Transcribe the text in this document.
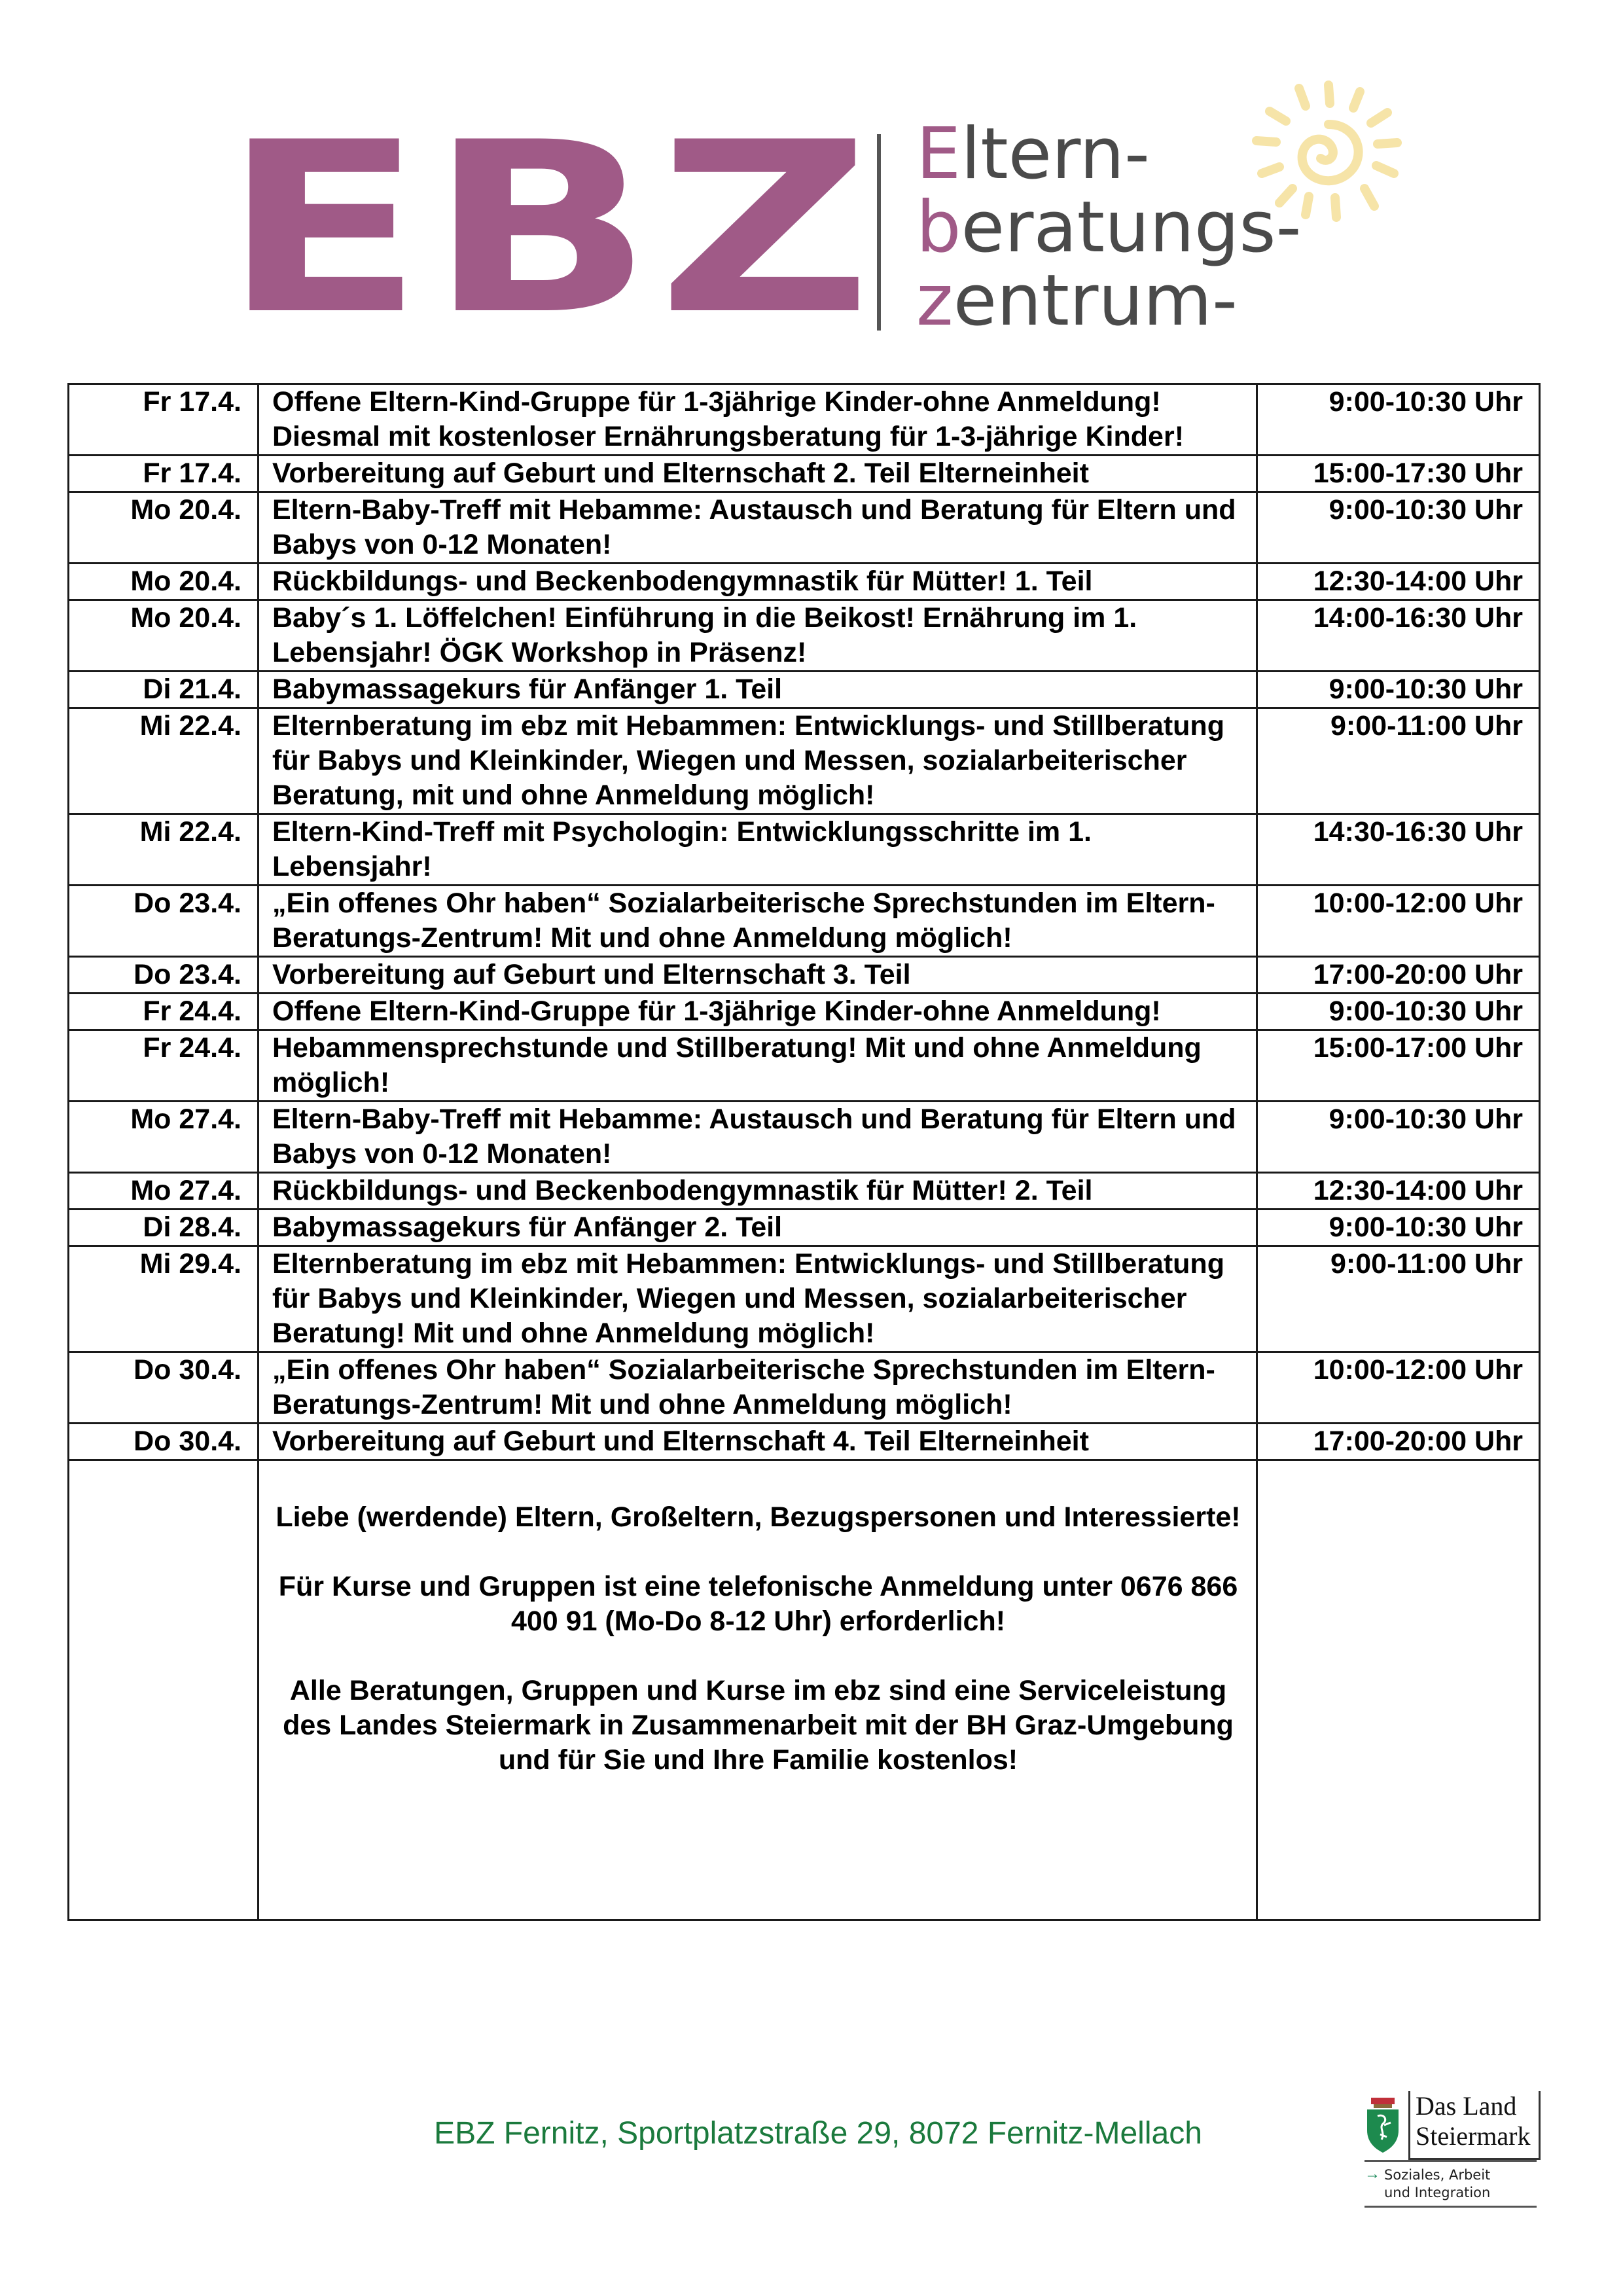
EBZ Eltern-
beratungs-
zentrum-
Fr 17.4.	Offene Eltern-Kind-Gruppe für 1-3jährige Kinder-ohne Anmeldung! Diesmal mit kostenloser Ernährungsberatung für 1-3-jährige Kinder!	9:00-10:30 Uhr
Fr 17.4.	Vorbereitung auf Geburt und Elternschaft 2. Teil Elterneinheit	15:00-17:30 Uhr
Mo 20.4.	Eltern-Baby-Treff mit Hebamme: Austausch und Beratung für Eltern und Babys von 0-12 Monaten!	9:00-10:30 Uhr
Mo 20.4.	Rückbildungs- und Beckenbodengymnastik für Mütter! 1. Teil	12:30-14:00 Uhr
Mo 20.4.	Baby´s 1. Löffelchen! Einführung in die Beikost! Ernährung im 1. Lebensjahr! ÖGK Workshop in Präsenz!	14:00-16:30 Uhr
Di 21.4.	Babymassagekurs für Anfänger 1. Teil	9:00-10:30 Uhr
Mi 22.4.	Elternberatung im ebz mit Hebammen: Entwicklungs- und Stillberatung für Babys und Kleinkinder, Wiegen und Messen, sozialarbeiterischer Beratung, mit und ohne Anmeldung möglich!	9:00-11:00 Uhr
Mi 22.4.	Eltern-Kind-Treff mit Psychologin: Entwicklungsschritte im 1. Lebensjahr!	14:30-16:30 Uhr
Do 23.4.	„Ein offenes Ohr haben“ Sozialarbeiterische Sprechstunden im Eltern-Beratungs-Zentrum! Mit und ohne Anmeldung möglich!	10:00-12:00 Uhr
Do 23.4.	Vorbereitung auf Geburt und Elternschaft 3. Teil	17:00-20:00 Uhr
Fr 24.4.	Offene Eltern-Kind-Gruppe für 1-3jährige Kinder-ohne Anmeldung!	9:00-10:30 Uhr
Fr 24.4.	Hebammensprechstunde und Stillberatung! Mit und ohne Anmeldung möglich!	15:00-17:00 Uhr
Mo 27.4.	Eltern-Baby-Treff mit Hebamme: Austausch und Beratung für Eltern und Babys von 0-12 Monaten!	9:00-10:30 Uhr
Mo 27.4.	Rückbildungs- und Beckenbodengymnastik für Mütter! 2. Teil	12:30-14:00 Uhr
Di 28.4.	Babymassagekurs für Anfänger 2. Teil	9:00-10:30 Uhr
Mi 29.4.	Elternberatung im ebz mit Hebammen: Entwicklungs- und Stillberatung für Babys und Kleinkinder, Wiegen und Messen, sozialarbeiterischer Beratung! Mit und ohne Anmeldung möglich!	9:00-11:00 Uhr
Do 30.4.	„Ein offenes Ohr haben“ Sozialarbeiterische Sprechstunden im Eltern-Beratungs-Zentrum! Mit und ohne Anmeldung möglich!	10:00-12:00 Uhr
Do 30.4.	Vorbereitung auf Geburt und Elternschaft 4. Teil Elterneinheit	17:00-20:00 Uhr

	Liebe (werdende) Eltern, Großeltern, Bezugspersonen und Interessierte!

Für Kurse und Gruppen ist eine telefonische Anmeldung unter 0676 866 400 91 (Mo-Do 8-12 Uhr) erforderlich!

Alle Beratungen, Gruppen und Kurse im ebz sind eine Serviceleistung des Landes Steiermark in Zusammenarbeit mit der BH Graz-Umgebung und für Sie und Ihre Familie kostenlos!	

EBZ Fernitz, Sportplatzstraße 29, 8072 Fernitz-Mellach
Das Land
Steiermark
→ Soziales, Arbeit
und Integration
